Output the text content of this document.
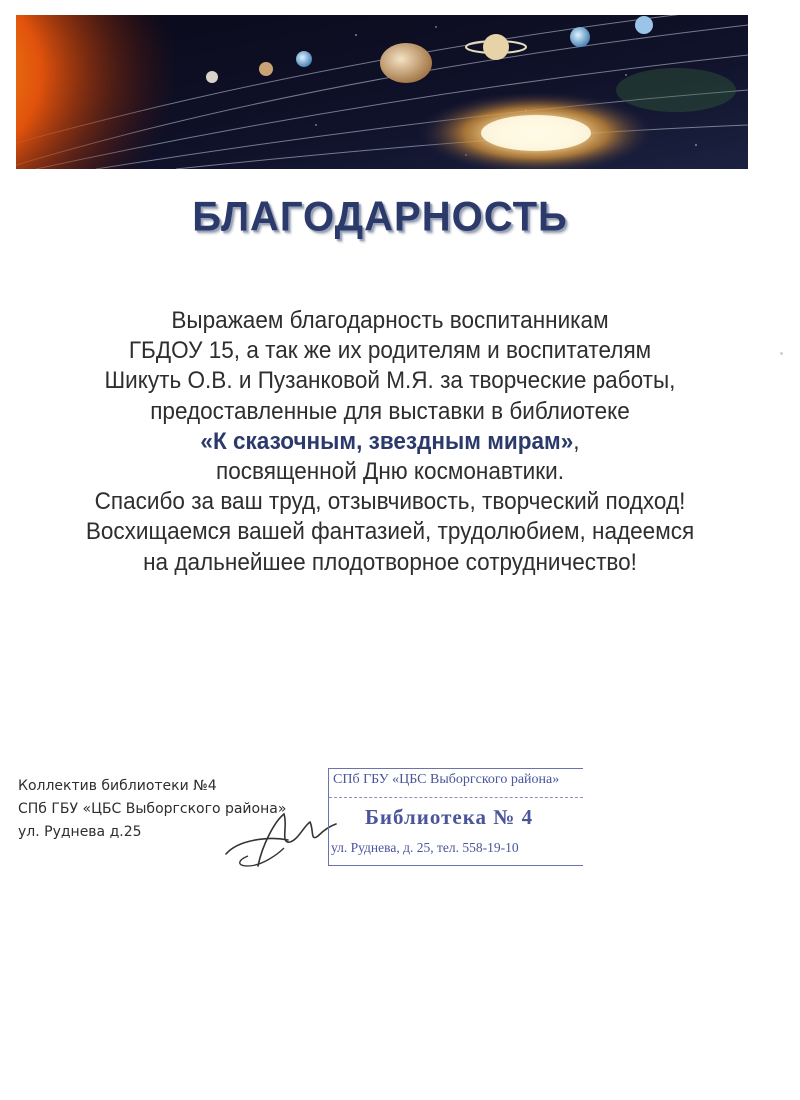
БЛАГОДАРНОСТЬ
Выражаем благодарность воспитанникам
ГБДОУ 15, а так же их родителям и воспитателям
Шикуть О.В. и Пузанковой М.Я. за творческие работы,
предоставленные для выставки в библиотеке
«К сказочным, звездным мирам»,
посвященной Дню космонавтики.
Спасибо за ваш труд, отзывчивость, творческий подход!
Восхищаемся вашей фантазией, трудолюбием, надеемся
на дальнейшее плодотворное сотрудничество!
Коллектив библиотеки №4
СПб ГБУ «ЦБС Выборгского района»
ул. Руднева д.25
СПб ГБУ «ЦБС Выборгского района»
Библиотека № 4
ул. Руднева, д. 25, тел. 558-19-10
